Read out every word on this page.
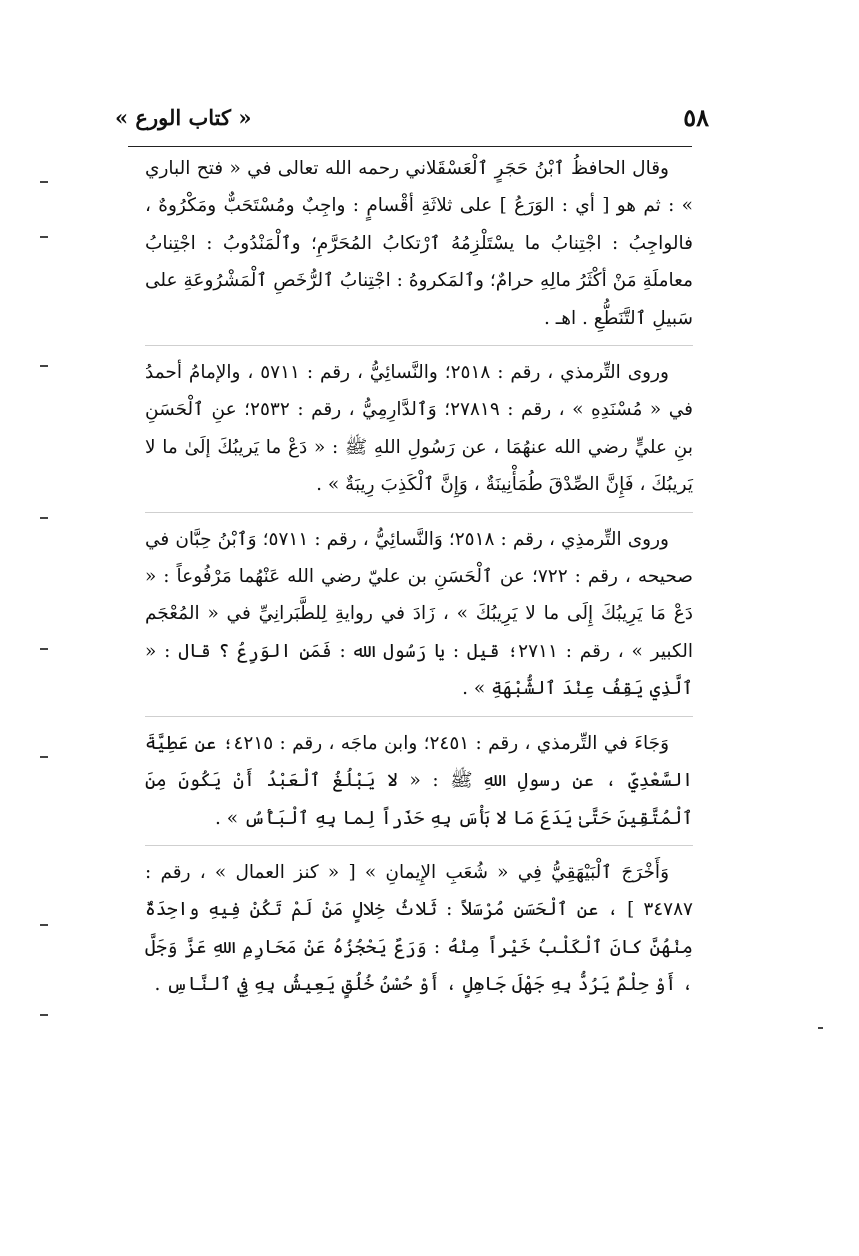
« كتاب الورع »	٥٨

وقال الحافظُ ٱبْنُ حَجَرٍ ٱلْعَسْقَلاني رحمه الله تعالى في « فتح الباري » : ثم هو [ أي : الوَرَعُ ] على ثلاثَةِ أقْسامٍ : واجِبٌ ومُسْتَحَبٌّ ومَكْرُوهٌ ، فالواجِبُ : اجْتِنابُ ما يسْتَلْزِمُهُ ٱرْتكابُ المُحَرَّمِ؛ وٱلْمَنْدُوبُ : اجْتِنابُ معاملَةِ مَنْ أكْثَرُ مالِهِ حرامٌ؛ وٱلمَكروهُ : اجْتِنابُ ٱلرُّخَصِ ٱلْمَشْرُوعَةِ على سَبيلِ ٱلتَّنَطُّعِ . اهـ .

وروى التِّرمذي ، رقم : ٢٥١٨؛ والنَّسائِيُّ ، رقم : ٥٧١١ ، والإمامُ أحمدُ في « مُسْنَدِهِ » ، رقم : ٢٧٨١٩؛ وَٱلدَّارِمِيُّ ، رقم : ٢٥٣٢؛ عنِ ٱلْحَسَنِ بنِ عليٍّ رضي الله عنهُمَا ، عن رَسُولِ اللهِ ﷺ : « دَعْ ما يَريبُكَ إلَىٰ ما لا يَريبُكَ ، فَإِنَّ الصِّدْقَ طُمَأْنِينَةٌ ، وَإِنَّ ٱلْكَذِبَ رِيبَةٌ » .

وروى التِّرمذِي ، رقم : ٢٥١٨؛ وَالنَّسائِيُّ ، رقم : ٥٧١١؛ وَٱبْنُ حِبَّان في صحيحه ، رقم : ٧٢٢؛ عن ٱلْحَسَنِ بن عليّ رضي الله عَنْهُما مَرْفُوعاً : « دَعْ مَا يَرِيبُكَ إِلَى ما لا يَرِيبُكَ » ، زَادَ في روايةِ لِلطَّبَرانِيِّ في « المُعْجَم الكبير » ، رقم : ٢٧١١؛ قيل : يا رَسُول الله : فَمَنِ الوَرِعُ ؟ قال : « ٱلَّذِي يَقِفُ عِنْدَ ٱلشُّبْهَةِ » .

وَجَاءَ في التِّرمذي ، رقم : ٢٤٥١؛ وابن ماجَه ، رقم : ٤٢١٥؛ عن عَطِيَّةَ السَّعْدِيِّ ، عن رسولِ اللهِ ﷺ : « لا يَبْلُغُ ٱلْعَبْدُ أَنْ يَكُونَ مِنَ ٱلْمُتَّقِينَ حَتَّىٰ يَدَعَ مَا لا بَأْسَ بِهِ حَذَراً لِما بِهِ ٱلْبَأْسُ » .

وَأَخْرَجَ ٱلْبَيْهَقِيُّ فِي « شُعَبِ الإِيمانِ » [ « كنز العمال » ، رقم : ٣٤٧٨٧ ] ، عن ٱلْحَسَنِ مُرْسَلاً : ثَلاثُ خِلالٍ مَنْ لَمْ تَكُنْ فِيهِ واحِدَةٌ مِنْهُنَّ كانَ ٱلْكَلْبُ خَيْراً مِنْهُ : وَرَعٌ يَحْجُزُهُ عَنْ مَحَارِمِ اللهِ عَزَّ وَجَلَّ ، أَوْ حِلْمٌ يَرُدُّ بِهِ جَهْلَ جَاهِلٍ ، أَوْ حُسْنُ خُلُقٍ يَعِيشُ بِهِ فِي ٱلنَّاسِ .
